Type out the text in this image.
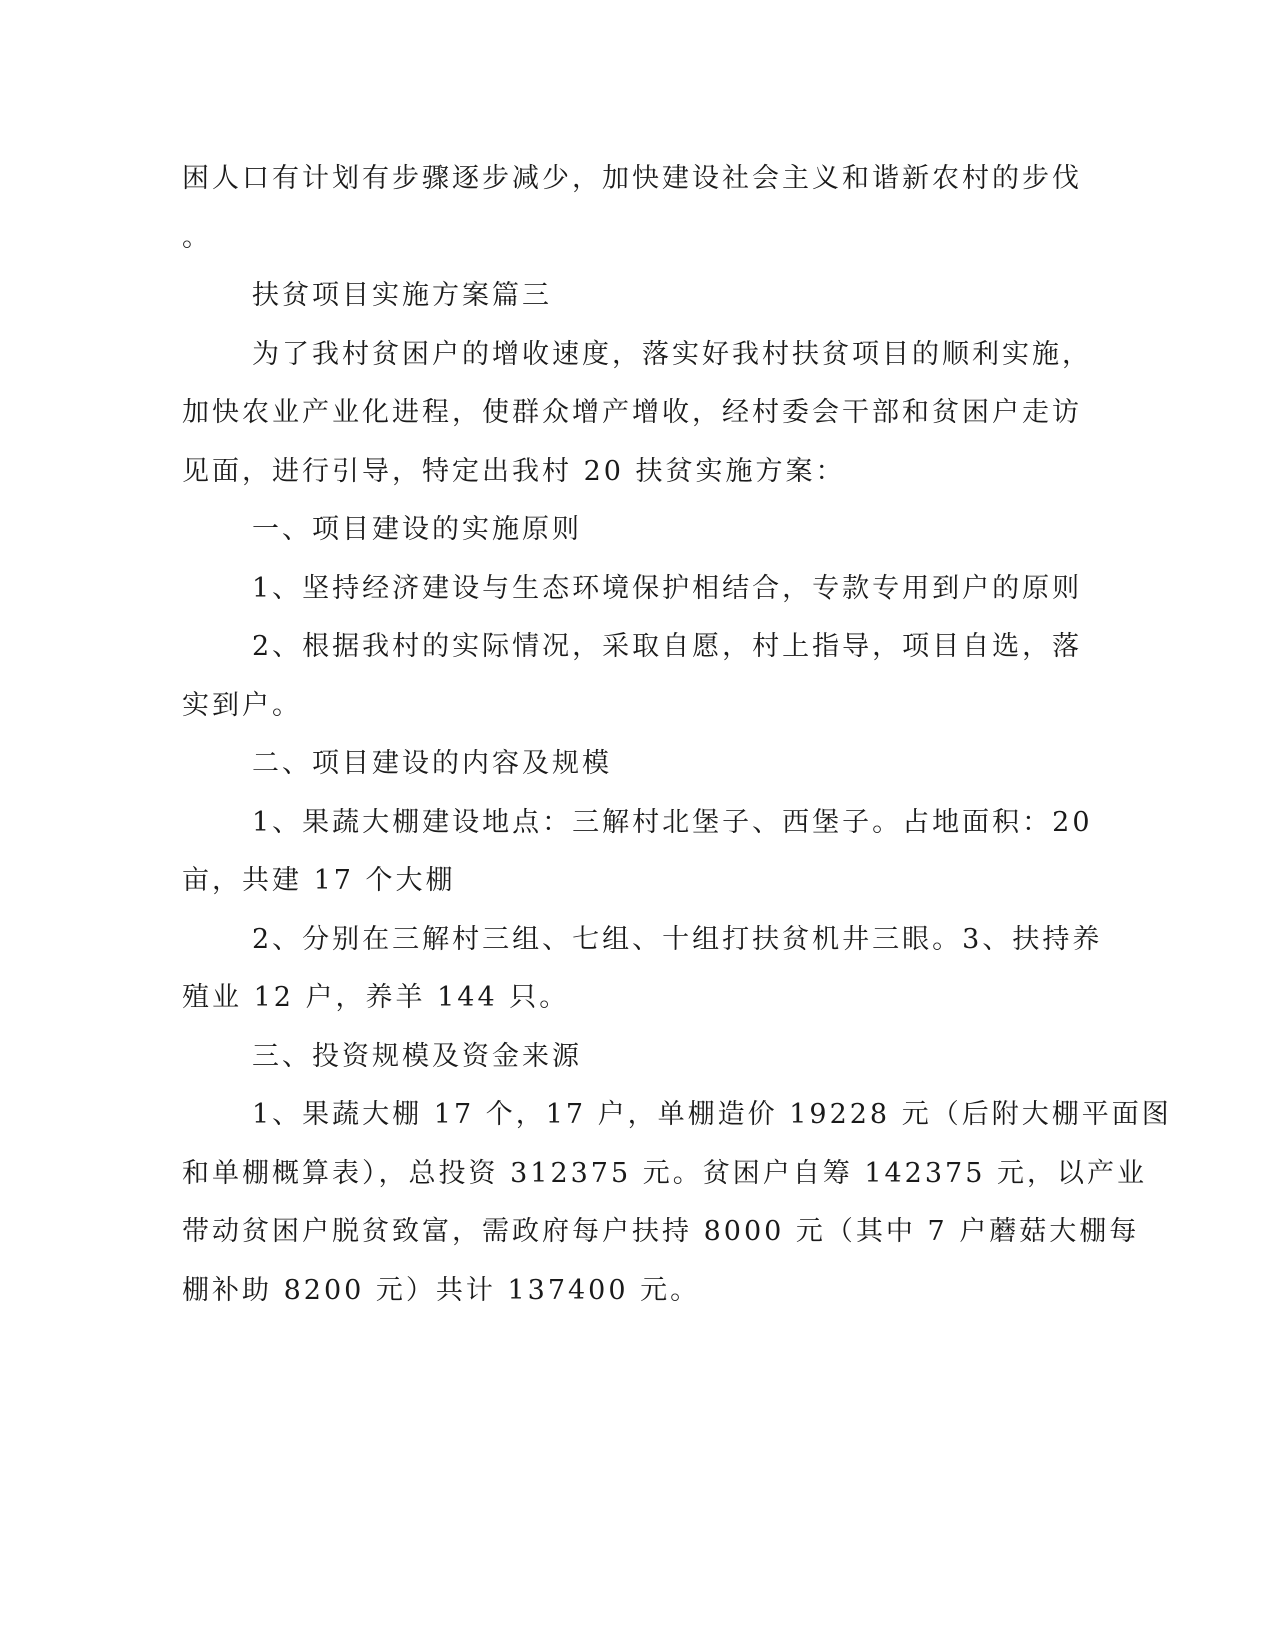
困人口有计划有步骤逐步减少，加快建设社会主义和谐新农村的步伐
。
扶贫项目实施方案篇三
为了我村贫困户的增收速度，落实好我村扶贫项目的顺利实施，
加快农业产业化进程，使群众增产增收，经村委会干部和贫困户走访
见面，进行引导，特定出我村 20 扶贫实施方案：
一、项目建设的实施原则
1、坚持经济建设与生态环境保护相结合，专款专用到户的原则
2、根据我村的实际情况，采取自愿，村上指导，项目自选，落
实到户。
二、项目建设的内容及规模
1、果蔬大棚建设地点：三解村北堡子、西堡子。占地面积：20
亩，共建 17 个大棚
2、分别在三解村三组、七组、十组打扶贫机井三眼。3、扶持养
殖业 12 户，养羊 144 只。
三、投资规模及资金来源
1、果蔬大棚 17 个，17 户，单棚造价 19228 元（后附大棚平面图
和单棚概算表），总投资 312375 元。贫困户自筹 142375 元，以产业
带动贫困户脱贫致富，需政府每户扶持 8000 元（其中 7 户蘑菇大棚每
棚补助 8200 元）共计 137400 元。
